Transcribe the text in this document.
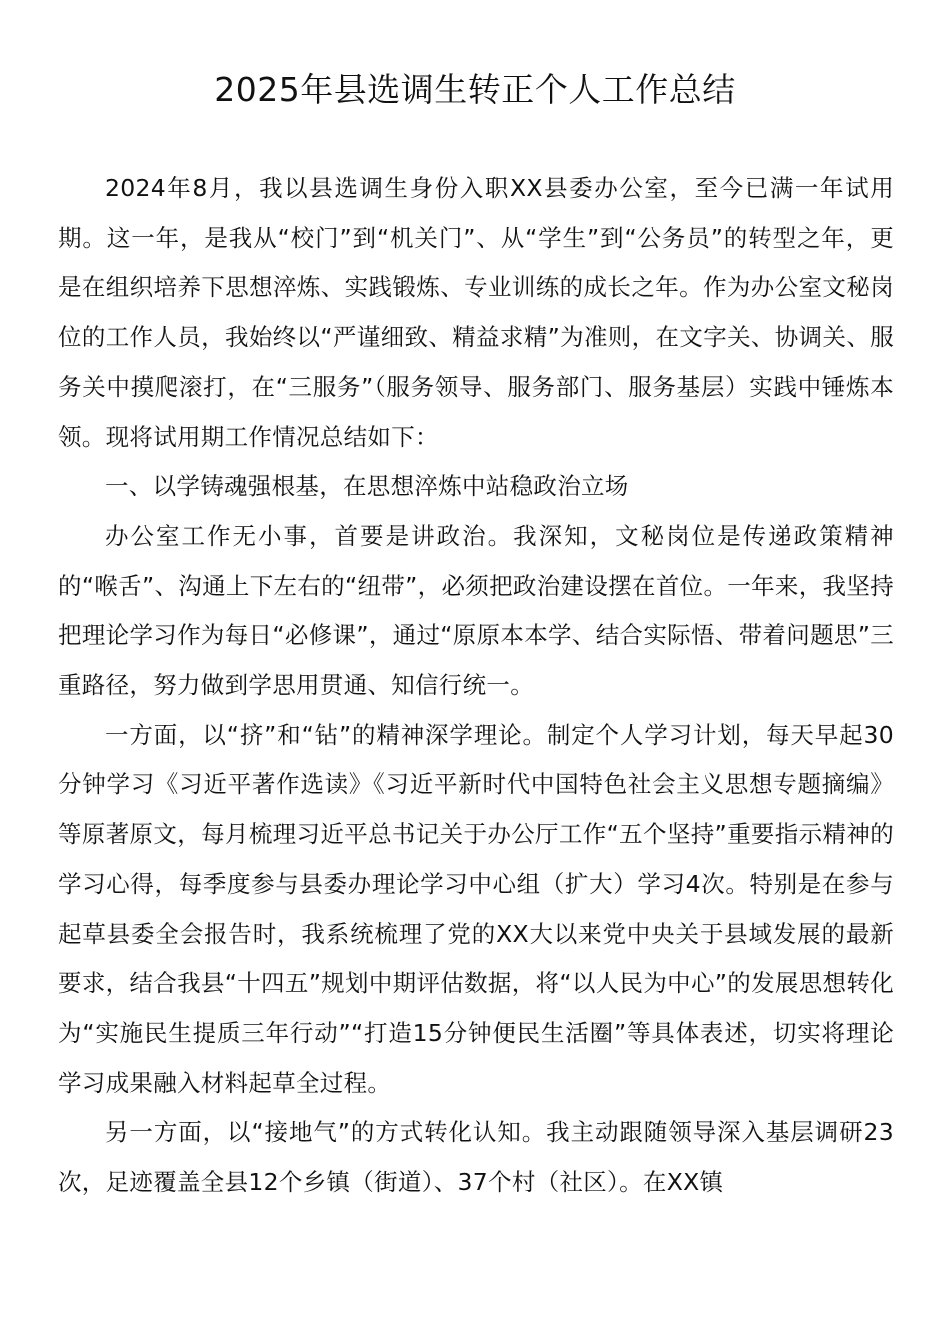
2025年县选调生转正个人工作总结

2024年8月，我以县选调生身份入职XX县委办公室，至今已满一年试用期。这一年，是我从“校门”到“机关门”、从“学生”到“公务员”的转型之年，更是在组织培养下思想淬炼、实践锻炼、专业训练的成长之年。作为办公室文秘岗位的工作人员，我始终以“严谨细致、精益求精”为准则，在文字关、协调关、服务关中摸爬滚打，在“三服务”（服务领导、服务部门、服务基层）实践中锤炼本领。现将试用期工作情况总结如下：

一、以学铸魂强根基，在思想淬炼中站稳政治立场

办公室工作无小事，首要是讲政治。我深知，文秘岗位是传递政策精神的“喉舌”、沟通上下左右的“纽带”，必须把政治建设摆在首位。一年来，我坚持把理论学习作为每日“必修课”，通过“原原本本学、结合实际悟、带着问题思”三重路径，努力做到学思用贯通、知信行统一。

一方面，以“挤”和“钻”的精神深学理论。制定个人学习计划，每天早起30分钟学习《习近平著作选读》《习近平新时代中国特色社会主义思想专题摘编》等原著原文，每月梳理习近平总书记关于办公厅工作“五个坚持”重要指示精神的学习心得，每季度参与县委办理论学习中心组（扩大）学习4次。特别是在参与起草县委全会报告时，我系统梳理了党的XX大以来党中央关于县域发展的最新要求，结合我县“十四五”规划中期评估数据，将“以人民为中心”的发展思想转化为“实施民生提质三年行动”“打造15分钟便民生活圈”等具体表述，切实将理论学习成果融入材料起草全过程。

另一方面，以“接地气”的方式转化认知。我主动跟随领导深入基层调研23次，足迹覆盖全县12个乡镇（街道）、37个村（社区）。在XX镇
